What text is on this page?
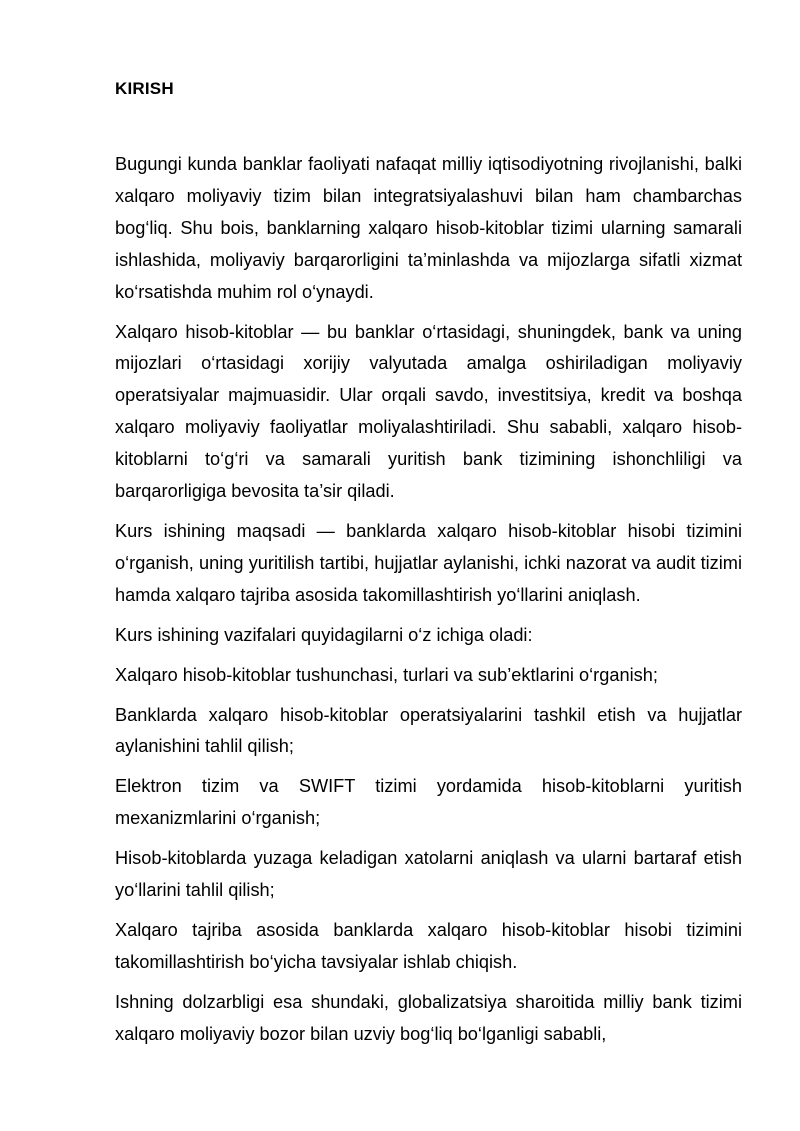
KIRISH

Bugungi kunda banklar faoliyati nafaqat milliy iqtisodiyotning rivojlanishi, balki xalqaro moliyaviy tizim bilan integratsiyalashuvi bilan ham chambarchas bog‘liq. Shu bois, banklarning xalqaro hisob-kitoblar tizimi ularning samarali ishlashida, moliyaviy barqarorligini ta’minlashda va mijozlarga sifatli xizmat ko‘rsatishda muhim rol o‘ynaydi.

Xalqaro hisob-kitoblar — bu banklar o‘rtasidagi, shuningdek, bank va uning mijozlari o‘rtasidagi xorijiy valyutada amalga oshiriladigan moliyaviy operatsiyalar majmuasidir. Ular orqali savdo, investitsiya, kredit va boshqa xalqaro moliyaviy faoliyatlar moliyalashtiriladi. Shu sababli, xalqaro hisob-kitoblarni to‘g‘ri va samarali yuritish bank tizimining ishonchliligi va barqarorligiga bevosita ta’sir qiladi.

Kurs ishining maqsadi — banklarda xalqaro hisob-kitoblar hisobi tizimini o‘rganish, uning yuritilish tartibi, hujjatlar aylanishi, ichki nazorat va audit tizimi hamda xalqaro tajriba asosida takomillashtirish yo‘llarini aniqlash.

Kurs ishining vazifalari quyidagilarni o‘z ichiga oladi:

Xalqaro hisob-kitoblar tushunchasi, turlari va sub’ektlarini o‘rganish;

Banklarda xalqaro hisob-kitoblar operatsiyalarini tashkil etish va hujjatlar aylanishini tahlil qilish;

Elektron tizim va SWIFT tizimi yordamida hisob-kitoblarni yuritish mexanizmlarini o‘rganish;

Hisob-kitoblarda yuzaga keladigan xatolarni aniqlash va ularni bartaraf etish yo‘llarini tahlil qilish;

Xalqaro tajriba asosida banklarda xalqaro hisob-kitoblar hisobi tizimini takomillashtirish bo‘yicha tavsiyalar ishlab chiqish.

Ishning dolzarbligi esa shundaki, globalizatsiya sharoitida milliy bank tizimi xalqaro moliyaviy bozor bilan uzviy bog‘liq bo‘lganligi sababli,
